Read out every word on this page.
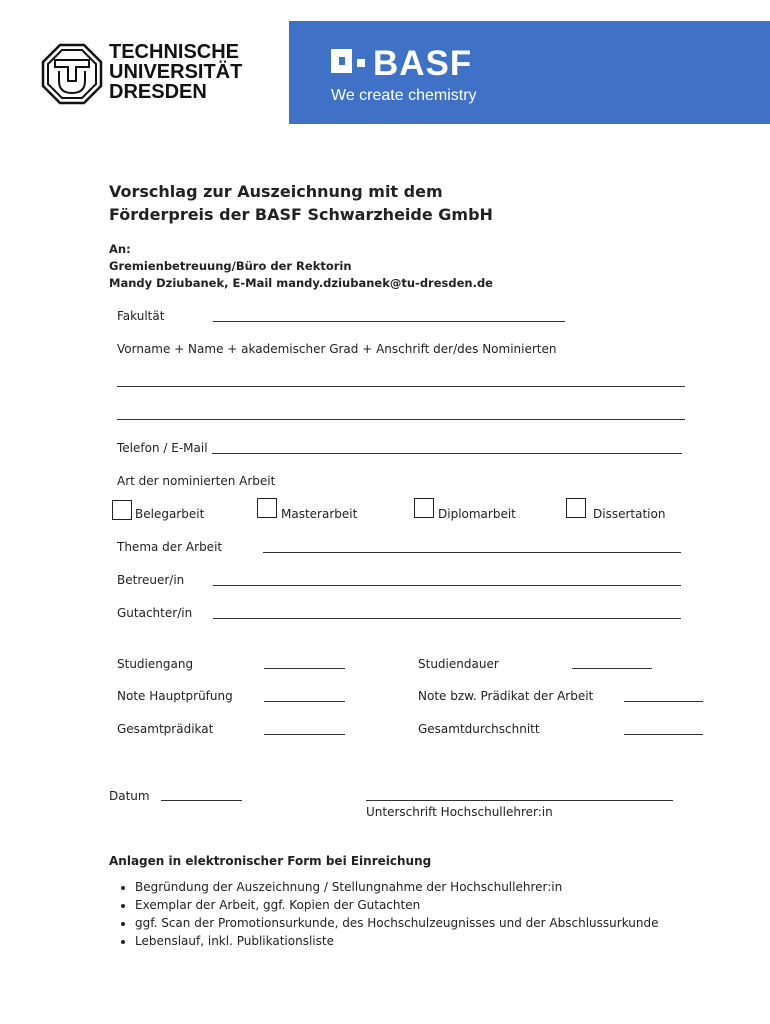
TECHNISCHE
UNIVERSITÄT
DRESDEN
BASF
We create chemistry
Vorschlag zur Auszeichnung mit dem
Förderpreis der BASF Schwarzheide GmbH
An:
Gremienbetreuung/Büro der Rektorin
Mandy Dziubanek, E-Mail mandy.dziubanek@tu-dresden.de
Fakultät
Vorname + Name + akademischer Grad + Anschrift der/des Nominierten
Telefon / E-Mail
Art der nominierten Arbeit
Belegarbeit	Masterarbeit	Diplomarbeit	Dissertation
Thema der Arbeit
Betreuer/in
Gutachter/in
Studiengang	Studiendauer
Note Hauptprüfung	Note bzw. Prädikat der Arbeit
Gesamtprädikat	Gesamtdurchschnitt
Datum
Unterschrift Hochschullehrer:in
Anlagen in elektronischer Form bei Einreichung
• Begründung der Auszeichnung / Stellungnahme der Hochschullehrer:in
• Exemplar der Arbeit, ggf. Kopien der Gutachten
• ggf. Scan der Promotionsurkunde, des Hochschulzeugnisses und der Abschlussurkunde
• Lebenslauf, inkl. Publikationsliste
